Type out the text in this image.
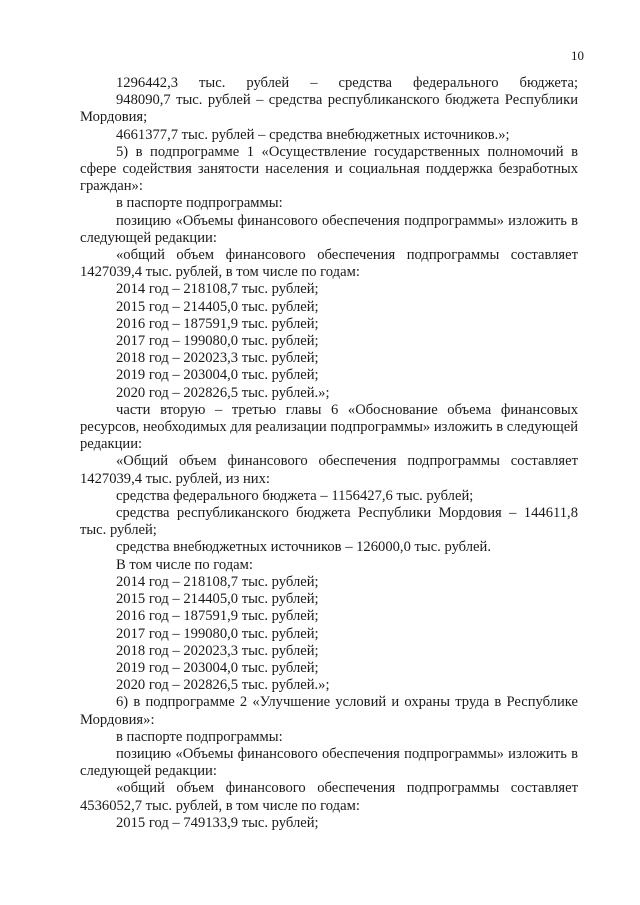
10

1296442,3 тыс. рублей – средства федерального бюджета;

948090,7 тыс. рублей – средства республиканского бюджета Республики Мордовия;

4661377,7 тыс. рублей – средства внебюджетных источников.»;

5) в подпрограмме 1 «Осуществление государственных полномочий в сфере содействия занятости населения и социальная поддержка безработных граждан»:

в паспорте подпрограммы:

позицию «Объемы финансового обеспечения подпрограммы» изложить в следующей редакции:

«общий объем финансового обеспечения подпрограммы составляет 1427039,4 тыс. рублей, в том числе по годам:

2014 год – 218108,7 тыс. рублей;

2015 год – 214405,0 тыс. рублей;

2016 год – 187591,9 тыс. рублей;

2017 год – 199080,0 тыс. рублей;

2018 год – 202023,3 тыс. рублей;

2019 год – 203004,0 тыс. рублей;

2020 год – 202826,5 тыс. рублей.»;

части вторую – третью главы 6 «Обоснование объема финансовых ресурсов, необходимых для реализации подпрограммы» изложить в следующей редакции:

«Общий объем финансового обеспечения подпрограммы составляет 1427039,4 тыс. рублей, из них:

средства федерального бюджета – 1156427,6 тыс. рублей;

средства республиканского бюджета Республики Мордовия – 144611,8 тыс. рублей;

средства внебюджетных источников – 126000,0 тыс. рублей.

В том числе по годам:

2014 год – 218108,7 тыс. рублей;

2015 год – 214405,0 тыс. рублей;

2016 год – 187591,9 тыс. рублей;

2017 год – 199080,0 тыс. рублей;

2018 год – 202023,3 тыс. рублей;

2019 год – 203004,0 тыс. рублей;

2020 год – 202826,5 тыс. рублей.»;

6) в подпрограмме 2 «Улучшение условий и охраны труда в Республике Мордовия»:

в паспорте подпрограммы:

позицию «Объемы финансового обеспечения подпрограммы» изложить в следующей редакции:

«общий объем финансового обеспечения подпрограммы составляет 4536052,7 тыс. рублей, в том числе по годам:

2015 год – 749133,9 тыс. рублей;
